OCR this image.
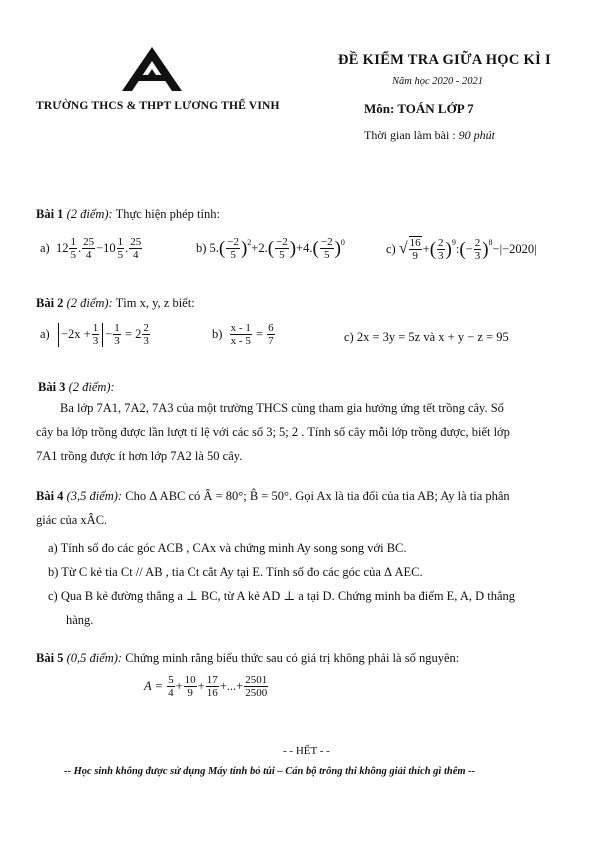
TRƯỜNG THCS & THPT LƯƠNG THẾ VINH
ĐỀ KIỂM TRA GIỮA HỌC KÌ I
Năm học 2020 - 2021
Môn: TOÁN LỚP 7
Thời gian làm bài : 90 phút
Bài 1 (2 điểm): Thực hiện phép tính:
a)
12 1
5 . 25
4 −10 1
5 . 25
4	b)
5. ( −2
5 ) 2 +2. ( −2
5 ) +4. ( −2
5 ) 0	c)
√ 16
9
+ ( 2
3 ) 9 : ( − $\frac{2}{3}$ ) 8 −|−2020|
Bài 2 (2 điểm): Tìm x, y, z biết:
a)
$-2x + \frac{1}{3} - \frac{1}{3}$
= 2 2
3	b)
$\frac{x - 1}{x - 5}$
=
$\frac{6}{7}$	c) 2x = 3y = 5z và x + y − z = 95
Bài 3 (2 điểm):
Ba lớp 7A1, 7A2, 7A3 của một trường THCS cùng tham gia hưởng ứng tết trồng cây. Số
cây ba lớp trồng được lần lượt tỉ lệ với các số 3; 5; 2 . Tính số cây mỗi lớp trồng được, biết lớp
7A1 trồng được ít hơn lớp 7A2 là 50 cây.
Bài 4 (3,5 điểm): Cho Δ ABC có Â = 80°; B̂ = 50°. Gọi Ax là tia đối của tia AB; Ay là tia phân
giác của xÂC.
a) Tính số đo các góc ACB , CAx và chứng minh Ay song song với BC.
b) Từ C kẻ tia Ct // AB , tia Ct cắt Ay tại E. Tính số đo các góc của Δ AEC.
c) Qua B kẻ đường thẳng a ⊥ BC, từ A kẻ AD ⊥ a tại D. Chứng minh ba điểm E, A, D thẳng
hàng.
Bài 5 (0,5 điểm): Chứng minh rằng biểu thức sau có giá trị không phải là số nguyên:
A =
$\frac{5}{4} + \frac{10}{9} + \frac{17}{16}$ +...+ $\frac{2501}{2500}$
- - HẾT - -
-- Học sinh không được sử dụng Máy tính bỏ túi – Cán bộ trông thi không giải thích gì thêm --
